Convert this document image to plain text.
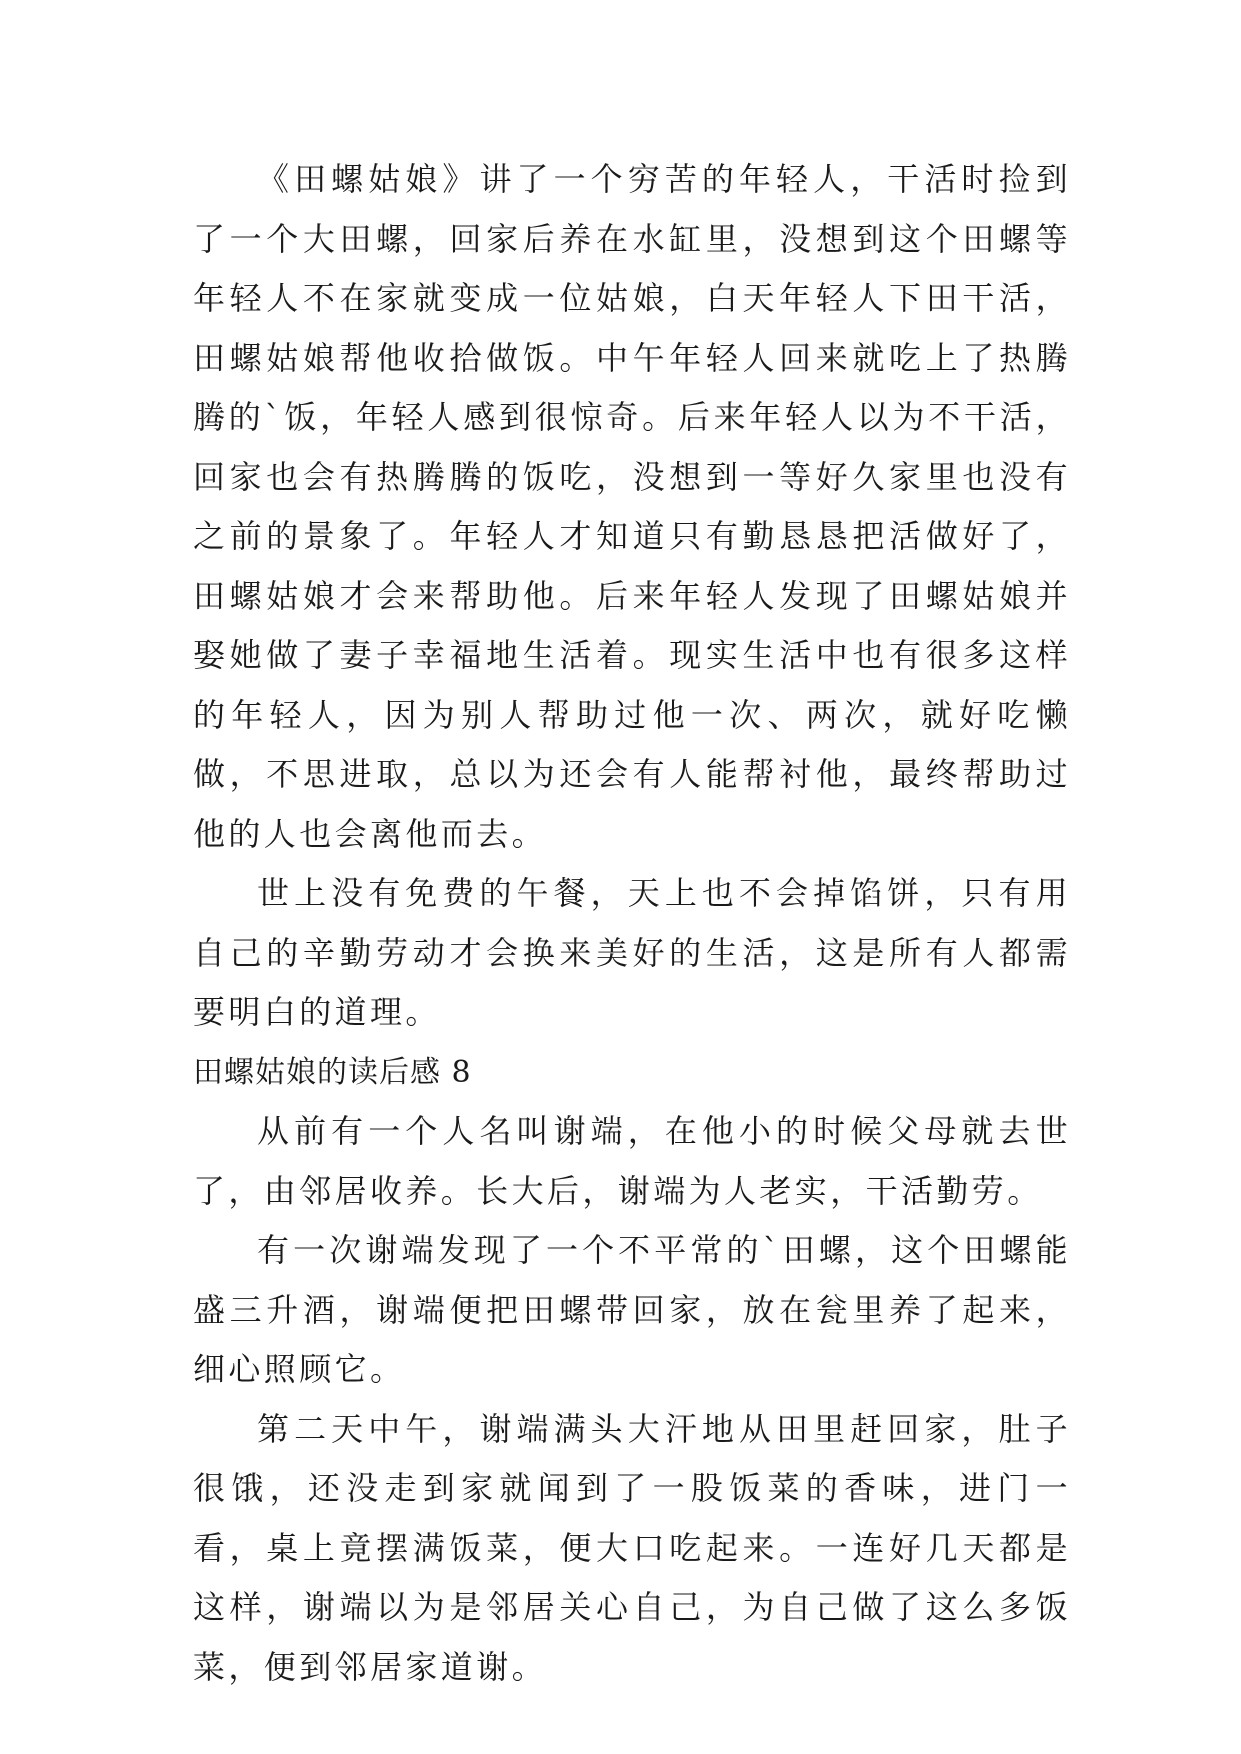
《田螺姑娘》讲了一个穷苦的年轻人，干活时捡到了一个大田螺，回家后养在水缸里，没想到这个田螺等年轻人不在家就变成一位姑娘，白天年轻人下田干活，田螺姑娘帮他收拾做饭。中午年轻人回来就吃上了热腾腾的`饭，年轻人感到很惊奇。后来年轻人以为不干活，回家也会有热腾腾的饭吃，没想到一等好久家里也没有之前的景象了。年轻人才知道只有勤恳恳把活做好了，田螺姑娘才会来帮助他。后来年轻人发现了田螺姑娘并娶她做了妻子幸福地生活着。现实生活中也有很多这样的年轻人，因为别人帮助过他一次、两次，就好吃懒做，不思进取，总以为还会有人能帮衬他，最终帮助过他的人也会离他而去。

世上没有免费的午餐，天上也不会掉馅饼，只有用自己的辛勤劳动才会换来美好的生活，这是所有人都需要明白的道理。

田螺姑娘的读后感 8

从前有一个人名叫谢端，在他小的时候父母就去世了，由邻居收养。长大后，谢端为人老实，干活勤劳。

有一次谢端发现了一个不平常的`田螺，这个田螺能盛三升酒，谢端便把田螺带回家，放在瓮里养了起来，细心照顾它。

第二天中午，谢端满头大汗地从田里赶回家，肚子很饿，还没走到家就闻到了一股饭菜的香味，进门一看，桌上竟摆满饭菜，便大口吃起来。一连好几天都是这样，谢端以为是邻居关心自己，为自己做了这么多饭菜，便到邻居家道谢。
